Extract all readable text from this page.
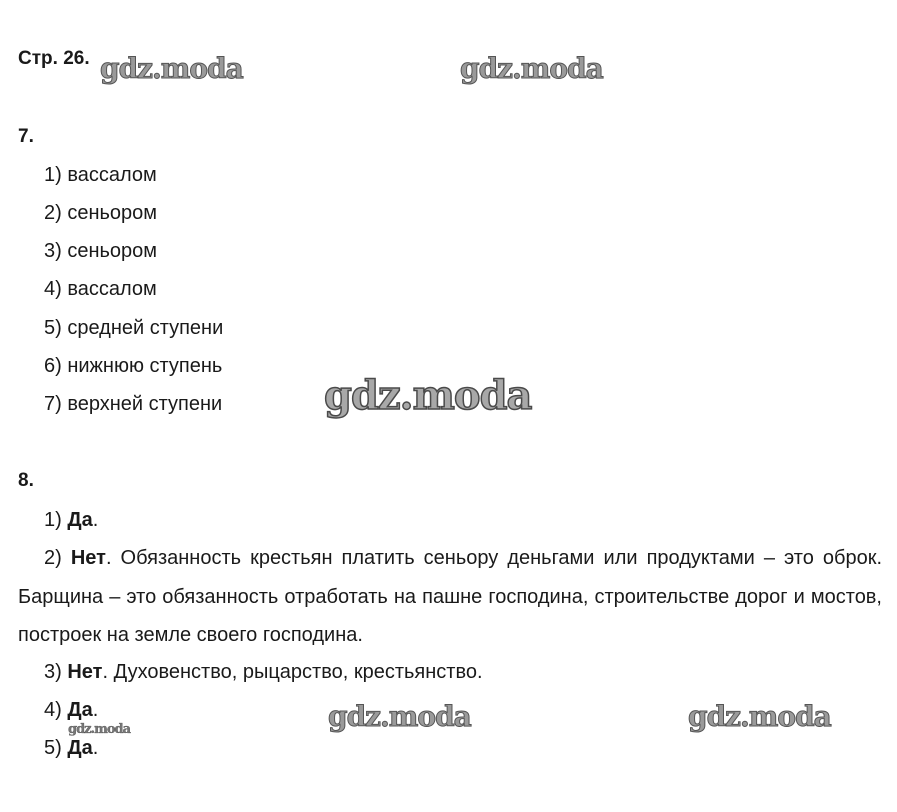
Стр. 26. gdz.moda	gdz.moda
gdz.moda
gdz.moda	gdz.moda
gdz.moda
7.
1) вассалом
2) сеньором
3) сеньором
4) вассалом
5) средней ступени
6) нижнюю ступень
7) верхней ступени
8.
1) Да.
2) Нет. Обязанность крестьян платить сеньору деньгами или продуктами – это оброк. Барщина – это обязанность отработать на пашне господина, строительстве дорог и мостов, построек на земле своего господина.
3) Нет. Духовенство, рыцарство, крестьянство.
4) Да.
5) Да.
